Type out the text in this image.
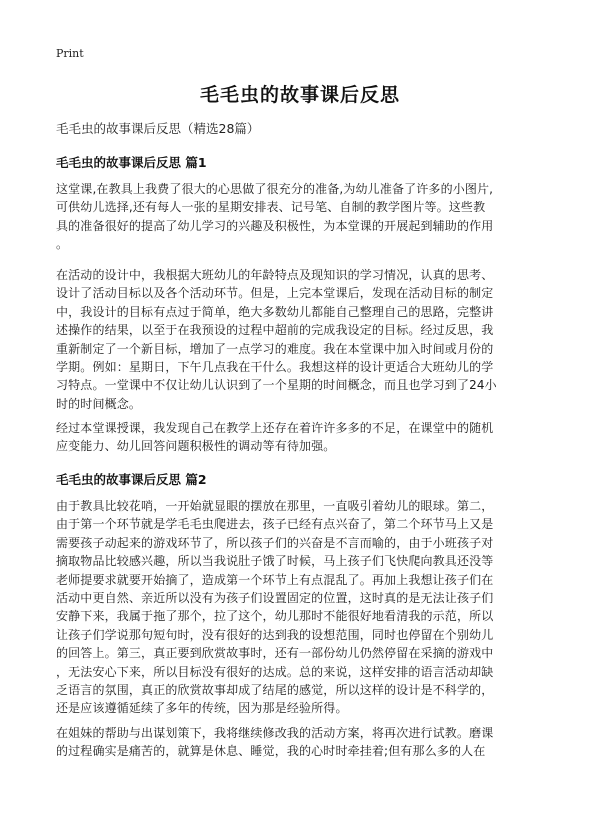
Print
毛毛虫的故事课后反思
毛毛虫的故事课后反思（精选28篇）
毛毛虫的故事课后反思 篇1

这堂课,在教具上我费了很大的心思做了很充分的准备,为幼儿准备了许多的小图片,
可供幼儿选择,还有每人一张的星期安排表、记号笔、自制的教学图片等。这些教
具的准备很好的提高了幼儿学习的兴趣及积极性，为本堂课的开展起到辅助的作用
。

在活动的设计中，我根据大班幼儿的年龄特点及现知识的学习情况，认真的思考、
设计了活动目标以及各个活动环节。但是，上完本堂课后，发现在活动目标的制定
中，我设计的目标有点过于简单，绝大多数幼儿都能自己整理自己的思路，完整讲
述操作的结果，以至于在我预设的过程中超前的完成我设定的目标。经过反思，我
重新制定了一个新目标，增加了一点学习的难度。我在本堂课中加入时间或月份的
学期。例如：星期日，下午几点我在干什么。我想这样的设计更适合大班幼儿的学
习特点。一堂课中不仅让幼儿认识到了一个星期的时间概念，而且也学习到了24小
时的时间概念。

经过本堂课授课，我发现自己在教学上还存在着许许多多的不足，在课堂中的随机
应变能力、幼儿回答问题积极性的调动等有待加强。

毛毛虫的故事课后反思 篇2

由于教具比较花哨，一开始就显眼的摆放在那里，一直吸引着幼儿的眼球。第二，
由于第一个环节就是学毛毛虫爬进去，孩子已经有点兴奋了，第二个环节马上又是
需要孩子动起来的游戏环节了，所以孩子们的兴奋是不言而喻的，由于小班孩子对
摘取物品比较感兴趣，所以当我说肚子饿了时候，马上孩子们飞快爬向教具还没等
老师提要求就要开始摘了，造成第一个环节上有点混乱了。再加上我想让孩子们在
活动中更自然、亲近所以没有为孩子们设置固定的位置，这时真的是无法让孩子们
安静下来，我属于拖了那个，拉了这个，幼儿那时不能很好地看清我的示范，所以
让孩子们学说那句短句时，没有很好的达到我的设想范围，同时也停留在个别幼儿
的回答上。第三，真正要到欣赏故事时，还有一部份幼儿仍然停留在采摘的游戏中
，无法安心下来，所以目标没有很好的达成。总的来说，这样安排的语言活动却缺
乏语言的氛围，真正的欣赏故事却成了结尾的感觉，所以这样的设计是不科学的，
还是应该遵循延续了多年的传统，因为那是经验所得。

在姐妹的帮助与出谋划策下，我将继续修改我的活动方案，将再次进行试教。磨课
的过程确实是痛苦的，就算是休息、睡觉，我的心时时牵挂着;但有那么多的人在
